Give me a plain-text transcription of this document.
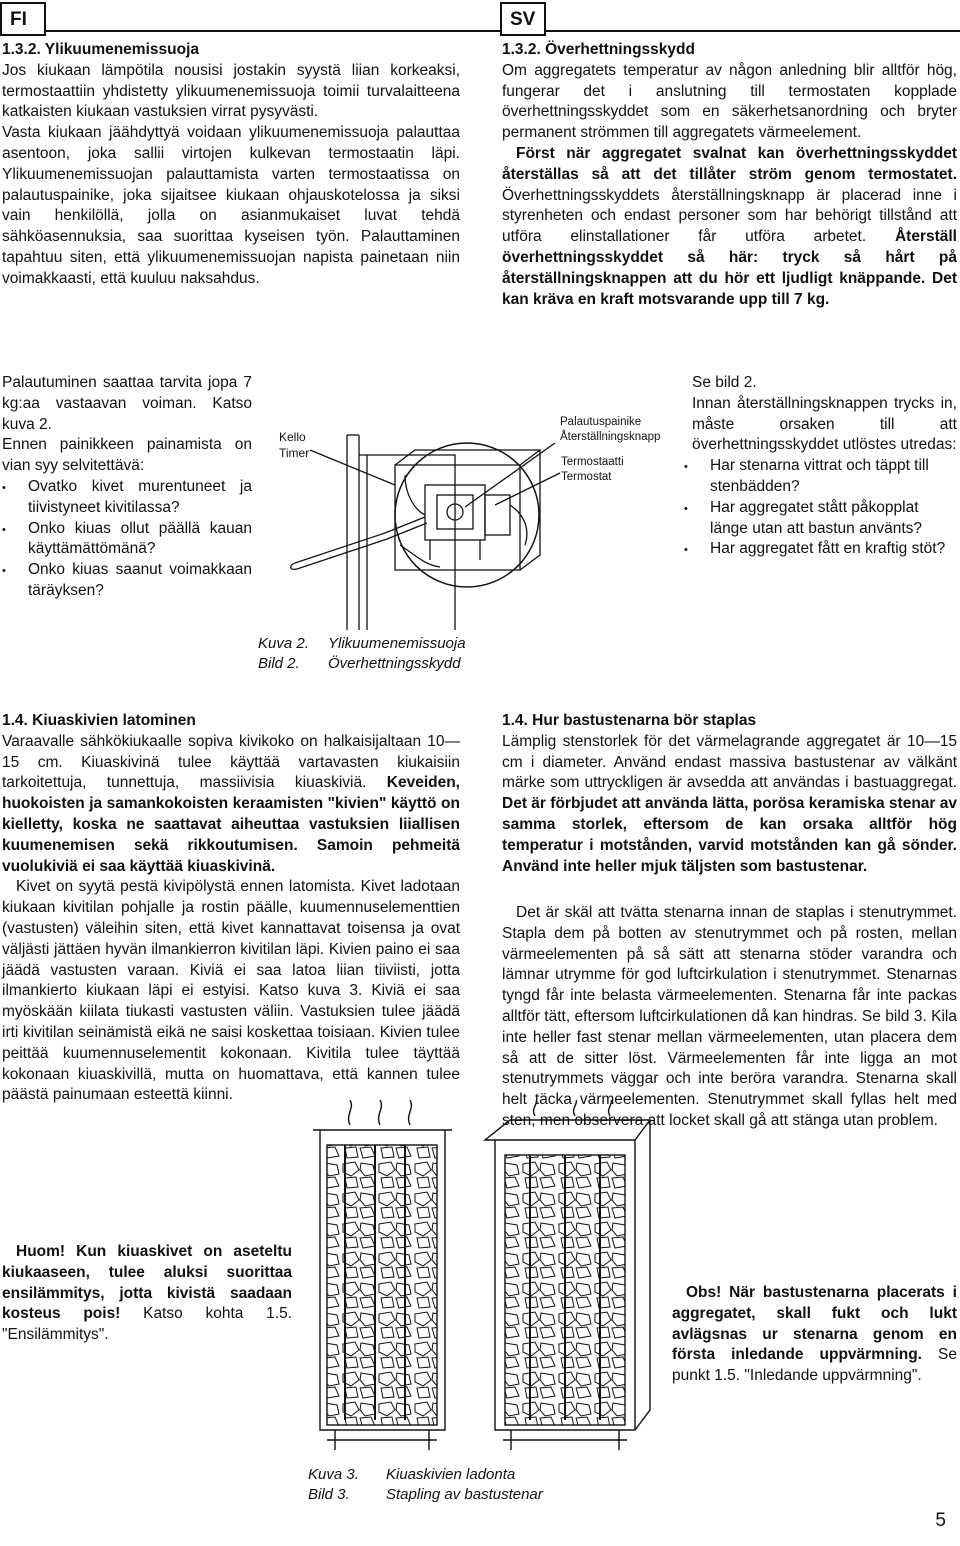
FI	SV
1.3.2. Ylikuumenemissuoja

Jos kiukaan lämpötila nousisi jostakin syystä liian korkeaksi, termostaattiin yhdistetty ylikuumenemissuoja toimii turvalaitteena katkaisten kiukaan vastuksien virrat pysyvästi.

Vasta kiukaan jäähdyttyä voidaan ylikuumenemissuoja palauttaa asentoon, joka sallii virtojen kulkevan termostaatin läpi. Ylikuumenemissuojan palauttamista varten termostaatissa on palautuspainike, joka sijaitsee kiukaan ohjauskotelossa ja siksi vain henkilöllä, jolla on asianmukaiset luvat tehdä sähköasennuksia, saa suorittaa kyseisen työn. Palauttaminen tapahtuu siten, että ylikuumenemissuojan napista painetaan niin voimakkaasti, että kuuluu naksahdus.

Palautuminen saattaa tarvita jopa 7 kg:aa vastaavan voiman. Katso kuva 2.

Ennen painikkeen painamista on vian syy selvitettävä:

• Ovatko kivet murentuneet ja tiivistyneet kivitilassa?
• Onko kiuas ollut päällä kauan käyttämättömänä?
• Onko kiuas saanut voimakkaan täräyksen?
1.3.2. Överhettningsskydd

Om aggregatets temperatur av någon anledning blir alltför hög, fungerar det i anslutning till termostaten kopplade överhettningsskyddet som en säkerhetsanordning och bryter permanent strömmen till aggregatets värmeelement.

Först när aggregatet svalnat kan överhettningsskyddet återställas så att det tillåter ström genom termostatet. Överhettningsskyddets återställningsknapp är placerad inne i styrenheten och endast personer som har behörigt tillstånd att utföra elinstallationer får utföra arbetet. Återställ överhettningsskyddet så här: tryck så hårt på återställningsknappen att du hör ett ljudligt knäppande. Det kan kräva en kraft motsvarande upp till 7 kg.

Se bild 2.

Innan återställningsknappen trycks in, måste orsaken till att överhettningsskyddet utlöstes utredas:

• Har stenarna vittrat och täppt till stenbädden?
• Har aggregatet stått påkopplat länge utan att bastun använts?
• Har aggregatet fått en kraftig stöt?
Kello
Timer
Palautuspainike
Återställningsknapp
Termostaatti
Termostat
Kuva 2. Ylikuumenemissuoja
Bild 2. Överhettningsskydd
1.4. Kiuaskivien latominen

Varaavalle sähkökiukaalle sopiva kivikoko on halkaisijaltaan 10—15 cm. Kiuaskivinä tulee käyttää vartavasten kiukaisiin tarkoitettuja, tunnettuja, massiivisia kiuaskiviä. Keveiden, huokoisten ja samankokoisten keraamisten "kivien" käyttö on kielletty, koska ne saattavat aiheuttaa vastuksien liiallisen kuumenemisen sekä rikkoutumisen. Samoin pehmeitä vuolukiviä ei saa käyttää kiuaskivinä.

Kivet on syytä pestä kivipölystä ennen latomista. Kivet ladotaan kiukaan kivitilan pohjalle ja rostin päälle, kuumennuselementtien (vastusten) väleihin siten, että kivet kannattavat toisensa ja ovat väljästi jättäen hyvän ilmankierron kivitilan läpi. Kivien paino ei saa jäädä vastusten varaan. Kiviä ei saa latoa liian tiiviisti, jotta ilmankierto kiukaan läpi ei estyisi. Katso kuva 3. Kiviä ei saa myöskään kiilata tiukasti vastusten väliin. Vastuksien tulee jäädä irti kivitilan seinämistä eikä ne saisi koskettaa toisiaan. Kivien tulee peittää kuumennuselementit kokonaan. Kivitila tulee täyttää kokonaan kiuaskivillä, mutta on huomattava, että kannen tulee päästä painumaan esteettä kiinni.

Huom! Kun kiuaskivet on aseteltu kiukaaseen, tulee aluksi suorittaa ensilämmitys, jotta kivistä saadaan kosteus pois! Katso kohta 1.5. "Ensilämmitys".

1.4. Hur bastustenarna bör staplas

Lämplig stenstorlek för det värmelagrande aggregatet är 10—15 cm i diameter. Använd endast massiva bastustenar av välkänt märke som uttryckligen är avsedda att användas i bastuaggregat. Det är förbjudet att använda lätta, porösa keramiska stenar av samma storlek, eftersom de kan orsaka alltför hög temperatur i motstånden, varvid motstånden kan gå sönder. Använd inte heller mjuk täljsten som bastustenar.

Det är skäl att tvätta stenarna innan de staplas i stenutrymmet. Stapla dem på botten av stenutrymmet och på rosten, mellan värmeelementen på så sätt att stenarna stöder varandra och lämnar utrymme för god luftcirkulation i stenutrymmet. Stenarnas tyngd får inte belasta värmeelementen. Stenarna får inte packas alltför tätt, eftersom luftcirkulationen då kan hindras. Se bild 3. Kila inte heller fast stenar mellan värmeelementen, utan placera dem så att de sitter löst. Värmeelementen får inte ligga an mot stenutrymmets väggar och inte beröra varandra. Stenarna skall helt täcka värmeelementen. Stenutrymmet skall fyllas helt med sten, men observera att locket skall gå att stänga utan problem.

Obs! När bastustenarna placerats i aggregatet, skall fukt och lukt avlägsnas ur stenarna genom en första inledande uppvärmning. Se punkt 1.5. "Inledande uppvärmning".

Kuva 3. Kiuaskivien ladonta
Bild 3. Stapling av bastustenar
5
